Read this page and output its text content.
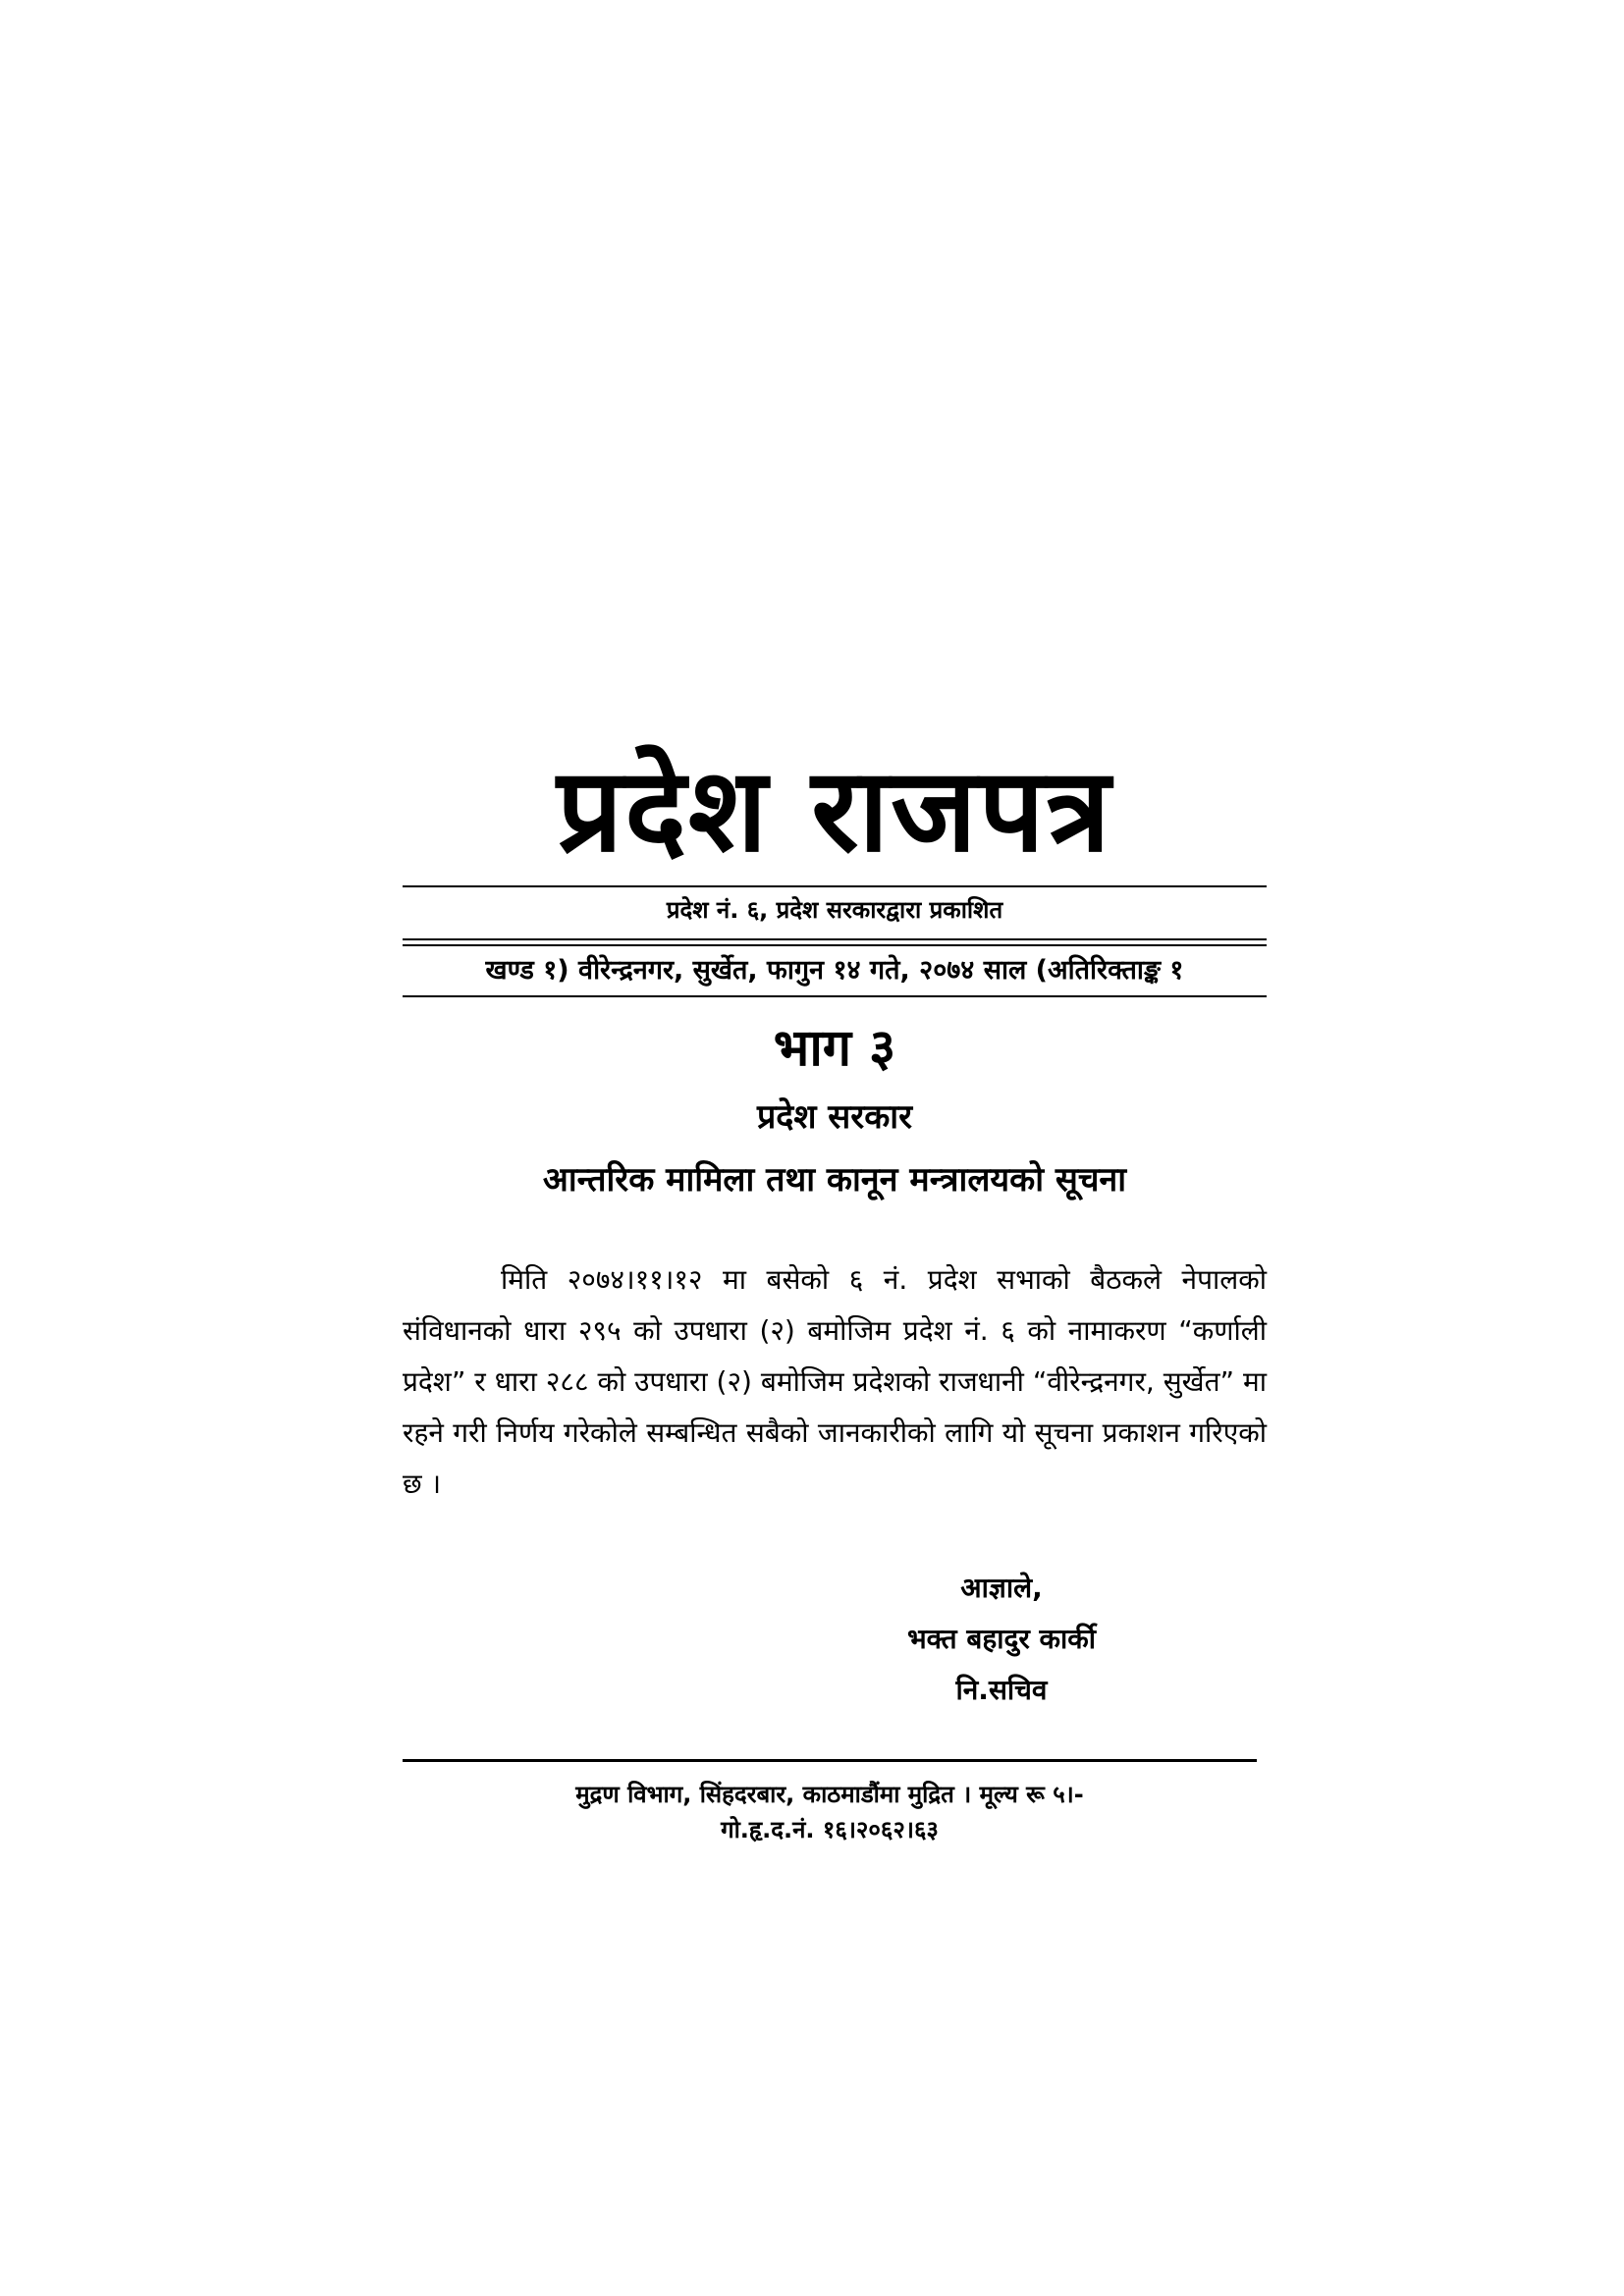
प्रदेश राजपत्र
प्रदेश नं. ६, प्रदेश सरकारद्वारा प्रकाशित
खण्ड १) वीरेन्द्रनगर, सुर्खेत, फागुन १४ गते, २०७४ साल (अतिरिक्ताङ्क १
भाग ३
प्रदेश सरकार
आन्तरिक मामिला तथा कानून मन्त्रालयको सूचना
मिति २०७४।११।१२ मा बसेको ६ नं. प्रदेश सभाको बैठकले नेपालको संविधानको धारा २९५ को उपधारा (२) बमोजिम प्रदेश नं. ६ को नामाकरण “कर्णाली प्रदेश” र धारा २८८ को उपधारा (२) बमोजिम प्रदेशको राजधानी “वीरेन्द्रनगर, सुर्खेत” मा रहने गरी निर्णय गरेकोले सम्बन्धित सबैको जानकारीको लागि यो सूचना प्रकाशन गरिएको छ ।
आज्ञाले,
भक्त बहादुर कार्की
नि.सचिव
मुद्रण विभाग, सिंहदरबार, काठमाडौंमा मुद्रित । मूल्य रू ५।-
गो.हृ.द.नं. १६।२०६२।६३
